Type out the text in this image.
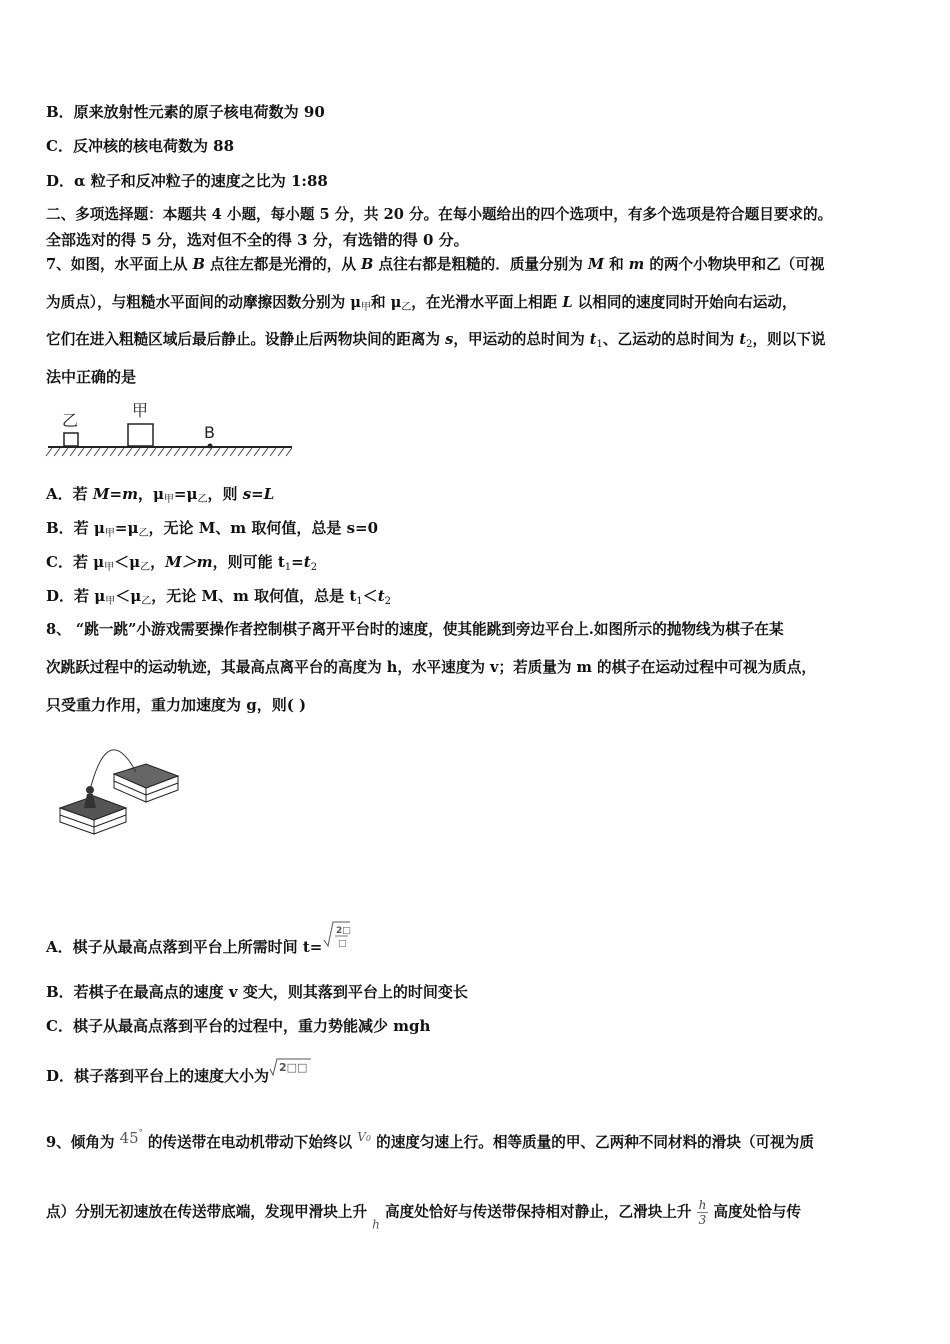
B．原来放射性元素的原子核电荷数为 90
C．反冲核的核电荷数为 88
D．α 粒子和反冲粒子的速度之比为 1:88
二、多项选择题：本题共 4 小题，每小题 5 分，共 20 分。在每小题给出的四个选项中，有多个选项是符合题目要求的。
全部选对的得 5 分，选对但不全的得 3 分，有选错的得 0 分。
7、如图，水平面上从 B 点往左都是光滑的，从 B 点往右都是粗糙的．质量分别为 M 和 m 的两个小物块甲和乙（可视
为质点），与粗糙水平面间的动摩擦因数分别为 $\mu_甲$和 $\mu_乙$，在光滑水平面上相距 L 以相同的速度同时开始向右运动，
它们在进入粗糙区域后最后静止。设静止后两物块间的距离为 s，甲运动的总时间为 $t_1$、乙运动的总时间为 $t_2$，则以下说
法中正确的是
乙
甲
B
A．若 M=m，$\mu_甲=\mu_乙$，则 s=L
B．若 $\mu_甲=\mu_乙$，无论 M、m 取何值，总是 s=0
C．若 $\mu_甲<\mu_乙$，M＞m，则可能 $t_1=t_2$
D．若 $\mu_甲<\mu_乙$，无论 M、m 取何值，总是 $t_1<t_2$
8、 “跳一跳”小游戏需要操作者控制棋子离开平台时的速度，使其能跳到旁边平台上.如图所示的抛物线为棋子在某
次跳跃过程中的运动轨迹，其最高点离平台的高度为 h，水平速度为 v；若质量为 m 的棋子在运动过程中可视为质点，
只受重力作用，重力加速度为 g，则( )
A．棋子从最高点落到平台上所需时间 t=
2□
□
B．若棋子在最高点的速度 v 变大，则其落到平台上的时间变长
C．棋子从最高点落到平台的过程中，重力势能减少 mgh
D．棋子落到平台上的速度大小为 2□□
9、倾角为 45° 的传送带在电动机带动下始终以 $^{V0}$ 的速度匀速上行。相等质量的甲、乙两种不同材料的滑块（可视为质
点）分别无初速放在传送带底端，发现甲滑块上升 $_h$ 高度处恰好与传送带保持相对静止，乙滑块上升 $\frac{h}{3}$ 高度处恰与传
